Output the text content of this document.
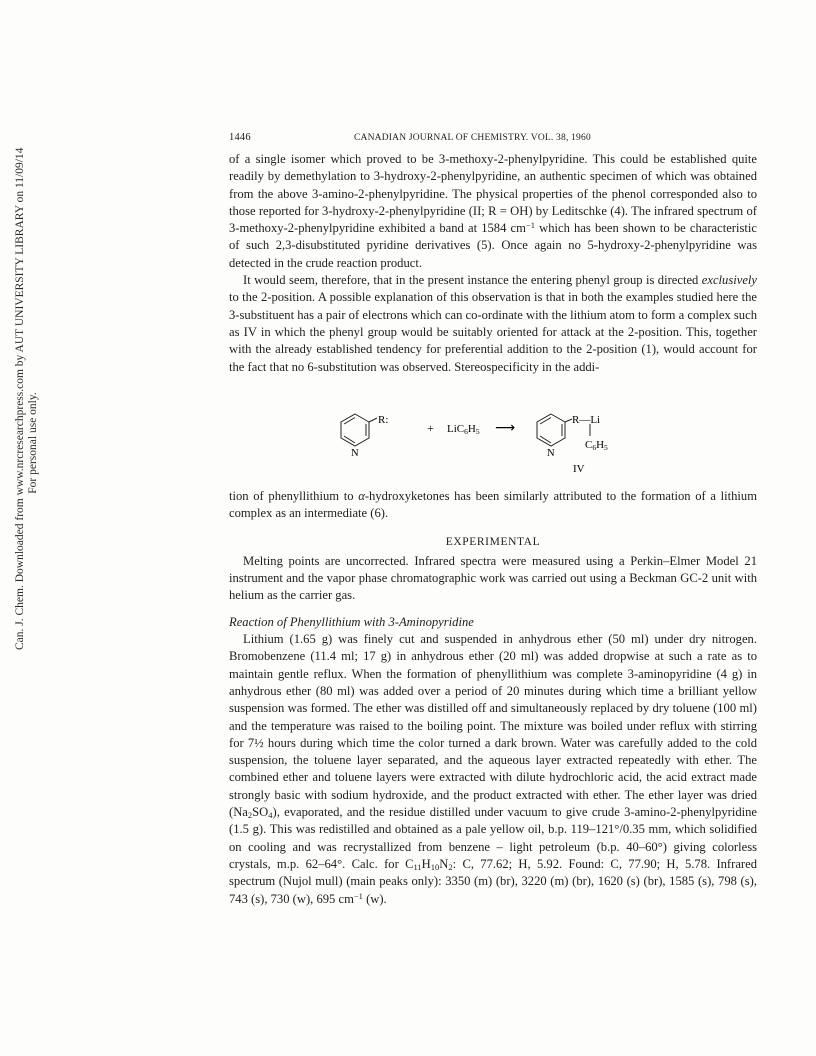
Can. J. Chem. Downloaded from www.nrcresearchpress.com by AUT UNIVERSITY LIBRARY on 11/09/14 For personal use only.
1446	CANADIAN JOURNAL OF CHEMISTRY. VOL. 38, 1960

of a single isomer which proved to be 3-methoxy-2-phenylpyridine. This could be established quite readily by demethylation to 3-hydroxy-2-phenylpyridine, an authentic specimen of which was obtained from the above 3-amino-2-phenylpyridine. The physical properties of the phenol corresponded also to those reported for 3-hydroxy-2-phenylpyridine (II; R = OH) by Leditschke (4). The infrared spectrum of 3-methoxy-2-phenylpyridine exhibited a band at 1584 $cm^{-1}$ which has been shown to be characteristic of such 2,3-disubstituted pyridine derivatives (5). Once again no 5-hydroxy-2-phenylpyridine was detected in the crude reaction product.

It would seem, therefore, that in the present instance the entering phenyl group is directed exclusively to the 2-position. A possible explanation of this observation is that in both the examples studied here the 3-substituent has a pair of electrons which can co-ordinate with the lithium atom to form a complex such as IV in which the phenyl group would be suitably oriented for attack at the 2-position. This, together with the already established tendency for preferential addition to the 2-position (1), would account for the fact that no 6-substitution was observed. Stereospecificity in the addi-

R:
N
+ LiC6H5 ⟶	R—Li
C6H5
N
IV

tion of phenyllithium to α-hydroxyketones has been similarly attributed to the formation of a lithium complex as an intermediate (6).

EXPERIMENTAL

Melting points are uncorrected. Infrared spectra were measured using a Perkin–Elmer Model 21 instrument and the vapor phase chromatographic work was carried out using a Beckman GC-2 unit with helium as the carrier gas.

Reaction of Phenyllithium with 3-Aminopyridine

Lithium (1.65 g) was finely cut and suspended in anhydrous ether (50 ml) under dry nitrogen. Bromobenzene (11.4 ml; 17 g) in anhydrous ether (20 ml) was added dropwise at such a rate as to maintain gentle reflux. When the formation of phenyllithium was complete 3-aminopyridine (4 g) in anhydrous ether (80 ml) was added over a period of 20 minutes during which time a brilliant yellow suspension was formed. The ether was distilled off and simultaneously replaced by dry toluene (100 ml) and the temperature was raised to the boiling point. The mixture was boiled under reflux with stirring for 7½ hours during which time the color turned a dark brown. Water was carefully added to the cold suspension, the toluene layer separated, and the aqueous layer extracted repeatedly with ether. The combined ether and toluene layers were extracted with dilute hydrochloric acid, the acid extract made strongly basic with sodium hydroxide, and the product extracted with ether. The ether layer was dried $(Na_2SO_4)$, evaporated, and the residue distilled under vacuum to give crude 3-amino-2-phenylpyridine (1.5 g). This was redistilled and obtained as a pale yellow oil, b.p. 119–121°/0.35 mm, which solidified on cooling and was recrystallized from benzene – light petroleum (b.p. 40–60°) giving colorless crystals, m.p. 62–64°. Calc. for $C_{11}H_{10}N_2$: C, 77.62; H, 5.92. Found: C, 77.90; H, 5.78. Infrared spectrum (Nujol mull) (main peaks only): 3350 (m) (br), 3220 (m) (br), 1620 (s) (br), 1585 (s), 798 (s), 743 (s), 730 (w), 695 $cm^{-1}$ (w).
